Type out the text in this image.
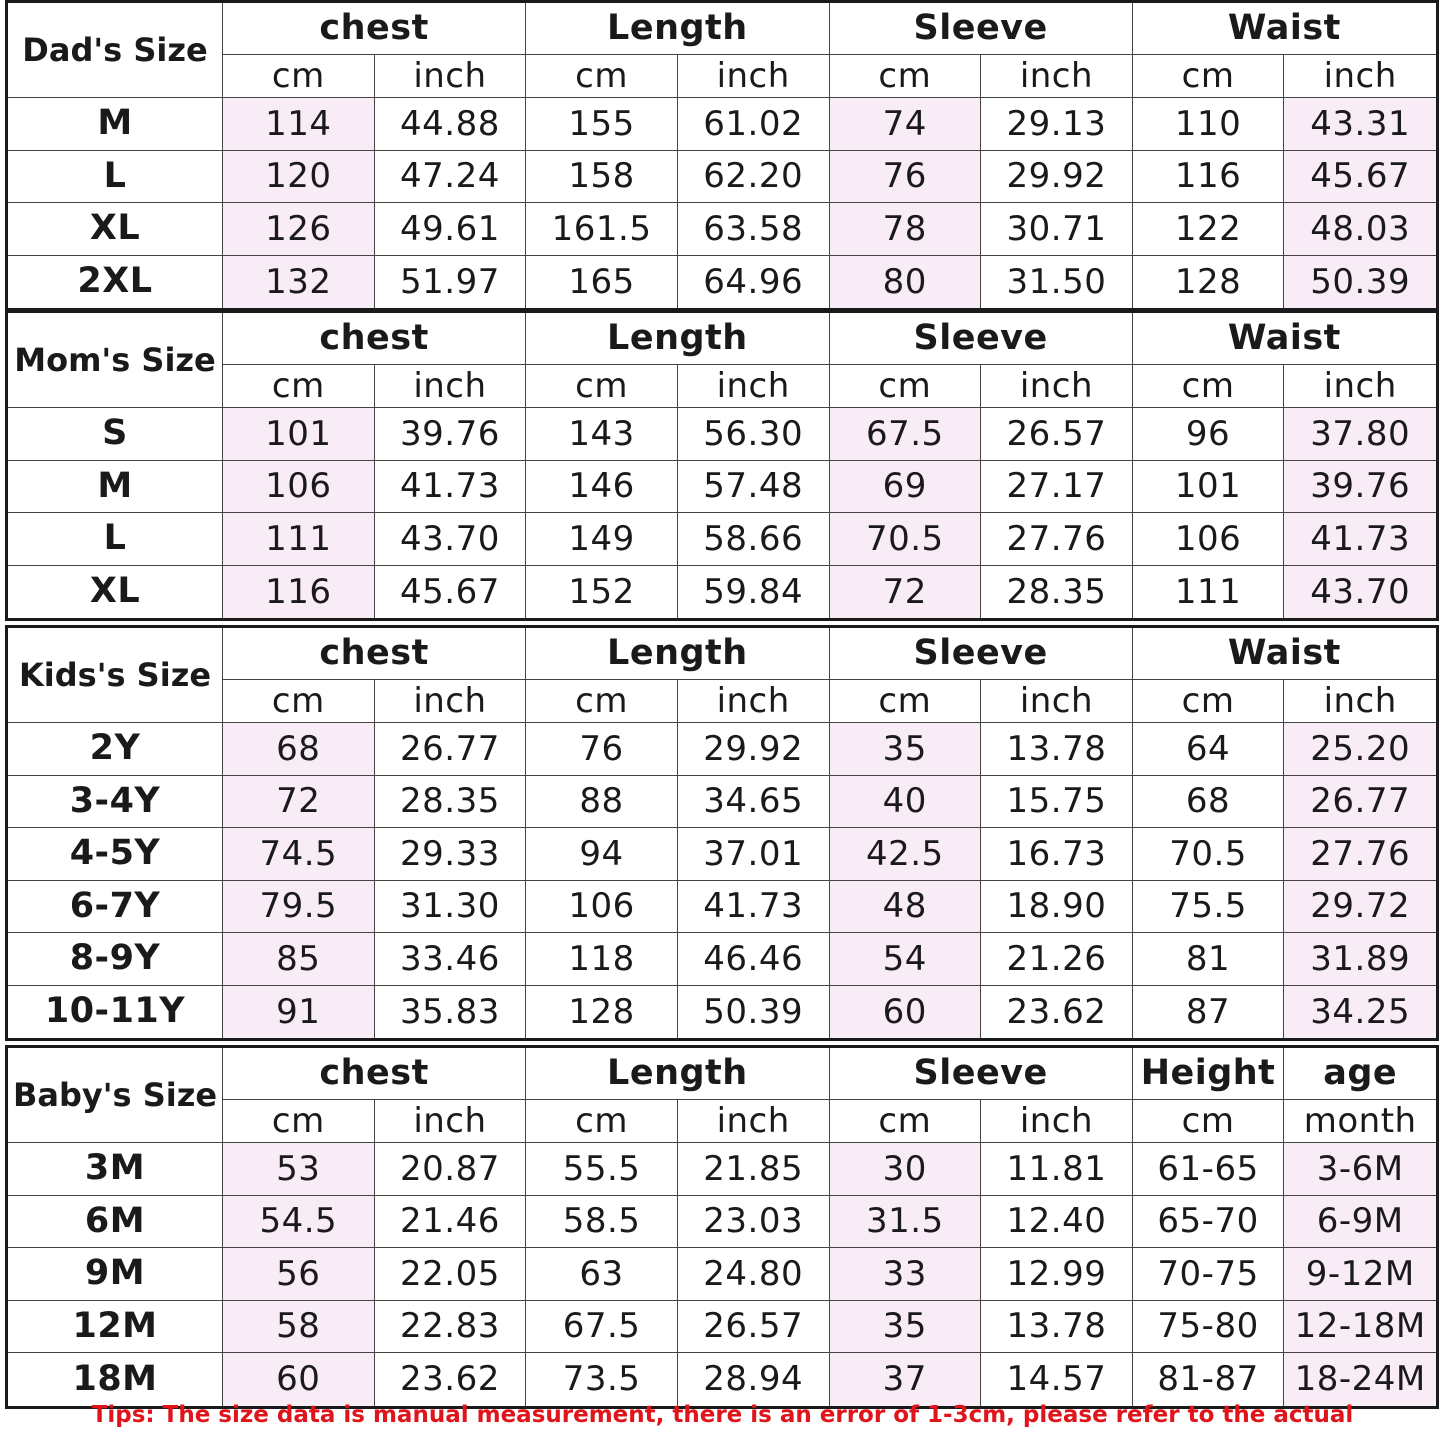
Dad's Size
chest	Length	Sleeve	Waist
cm	inch	cm	inch	cm	inch	cm	inch
M	114	44.88	155	61.02	74	29.13	110	43.31
L	120	47.24	158	62.20	76	29.92	116	45.67
XL	126	49.61	161.5	63.58	78	30.71	122	48.03
2XL	132	51.97	165	64.96	80	31.50	128	50.39
Mom's Size
chest	Length	Sleeve	Waist
cm	inch	cm	inch	cm	inch	cm	inch
S	101	39.76	143	56.30	67.5	26.57	96	37.80
M	106	41.73	146	57.48	69	27.17	101	39.76
L	111	43.70	149	58.66	70.5	27.76	106	41.73
XL	116	45.67	152	59.84	72	28.35	111	43.70
Kids's Size
chest	Length	Sleeve	Waist
cm	inch	cm	inch	cm	inch	cm	inch
2Y	68	26.77	76	29.92	35	13.78	64	25.20
3-4Y	72	28.35	88	34.65	40	15.75	68	26.77
4-5Y	74.5	29.33	94	37.01	42.5	16.73	70.5	27.76
6-7Y	79.5	31.30	106	41.73	48	18.90	75.5	29.72
8-9Y	85	33.46	118	46.46	54	21.26	81	31.89
10-11Y	91	35.83	128	50.39	60	23.62	87	34.25
Baby's Size
chest	Length	Sleeve	Height	age
cm	inch	cm	inch	cm	inch	cm	month
3M	53	20.87	55.5	21.85	30	11.81	61-65	3-6M
6M	54.5	21.46	58.5	23.03	31.5	12.40	65-70	6-9M
9M	56	22.05	63	24.80	33	12.99	70-75	9-12M
12M	58	22.83	67.5	26.57	35	13.78	75-80	12-18M
18M	60	23.62	73.5	28.94	37	14.57	81-87	18-24M
Tips: The size data is manual measurement, there is an error of 1-3cm, please refer to the actual
